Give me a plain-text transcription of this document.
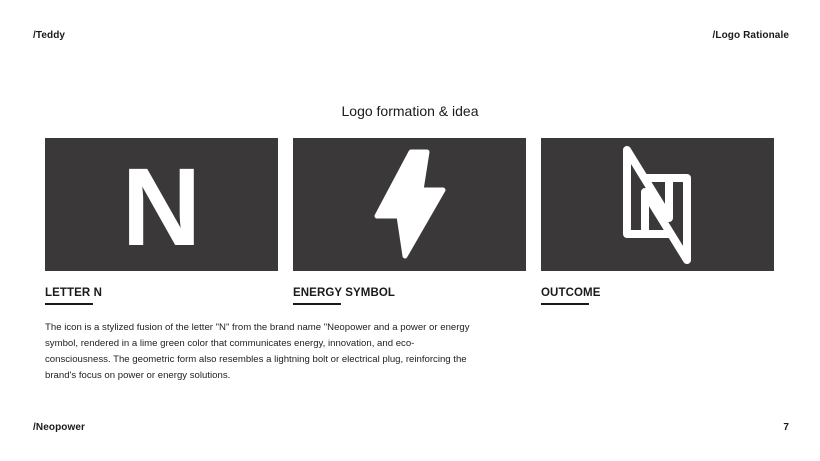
/Teddy	/Logo Rationale
Logo formation & idea
N
LETTER N	ENERGY SYMBOL	OUTCOME
The icon is a stylized fusion of the letter "N" from the brand name "Neopower and a power or energy symbol, rendered in a lime green color that communicates energy, innovation, and eco-consciousness. The geometric form also resembles a lightning bolt or electrical plug, reinforcing the brand's focus on power or energy solutions.
/Neopower	7
